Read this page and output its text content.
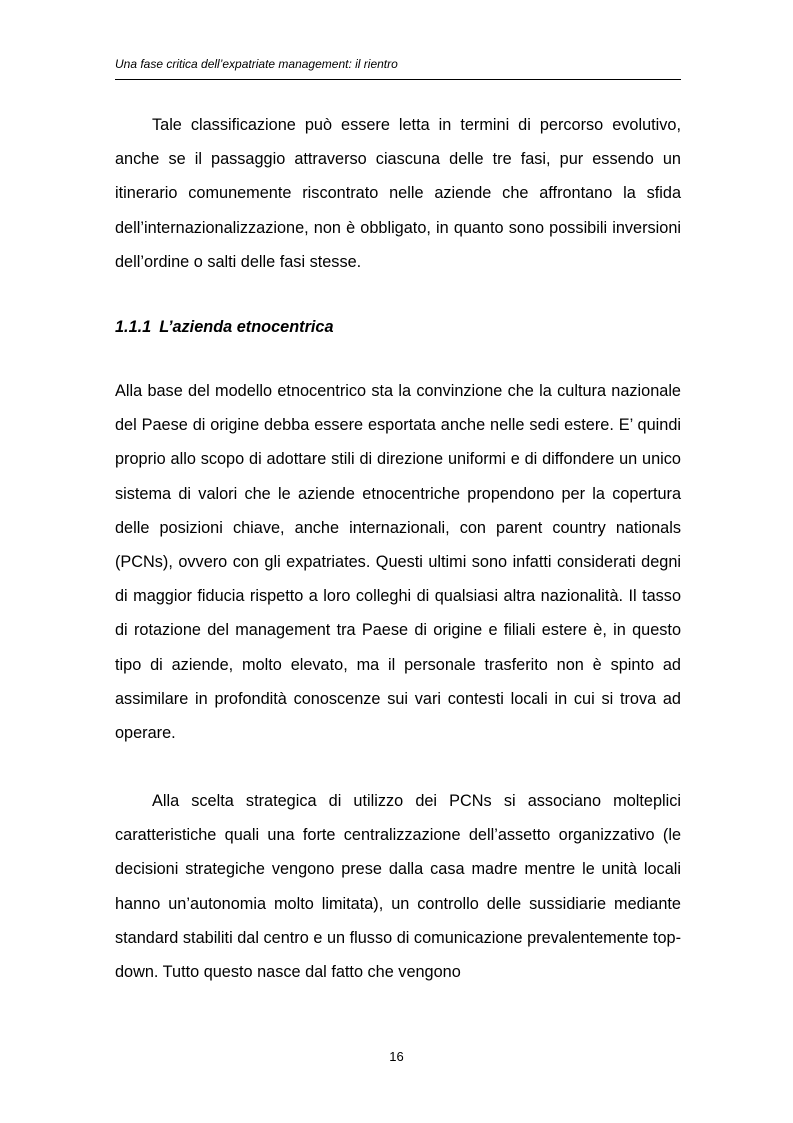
Una fase critica dell’expatriate management: il rientro

Tale classificazione può essere letta in termini di percorso evolutivo, anche se il passaggio attraverso ciascuna delle tre fasi, pur essendo un itinerario comunemente riscontrato nelle aziende che affrontano la sfida dell’internazionalizzazione, non è obbligato, in quanto sono possibili inversioni dell’ordine o salti delle fasi stesse.

1.1.1 L’azienda etnocentrica

Alla base del modello etnocentrico sta la convinzione che la cultura nazionale del Paese di origine debba essere esportata anche nelle sedi estere. E’ quindi proprio allo scopo di adottare stili di direzione uniformi e di diffondere un unico sistema di valori che le aziende etnocentriche propendono per la copertura delle posizioni chiave, anche internazionali, con parent country nationals (PCNs), ovvero con gli expatriates. Questi ultimi sono infatti considerati degni di maggior fiducia rispetto a loro colleghi di qualsiasi altra nazionalità. Il tasso di rotazione del management tra Paese di origine e filiali estere è, in questo tipo di aziende, molto elevato, ma il personale trasferito non è spinto ad assimilare in profondità conoscenze sui vari contesti locali in cui si trova ad operare.

Alla scelta strategica di utilizzo dei PCNs si associano molteplici caratteristiche quali una forte centralizzazione dell’assetto organizzativo (le decisioni strategiche vengono prese dalla casa madre mentre le unità locali hanno un’autonomia molto limitata), un controllo delle sussidiarie mediante standard stabiliti dal centro e un flusso di comunicazione prevalentemente top-down. Tutto questo nasce dal fatto che vengono

16
